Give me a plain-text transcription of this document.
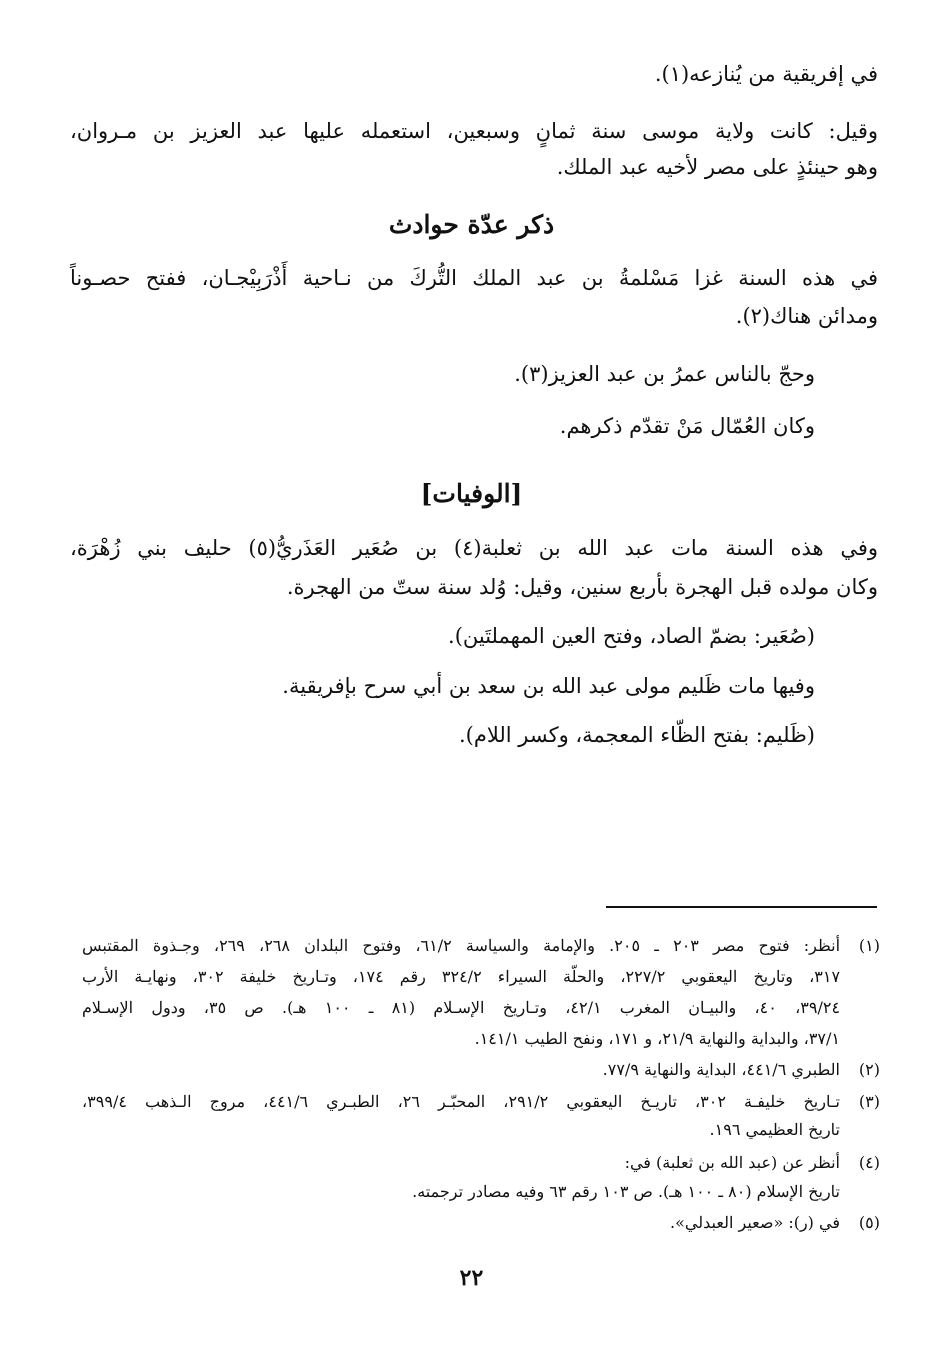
في إفريقية من يُنازعه(١).
وقيل: كانت ولاية موسى سنة ثمانٍ وسبعين، استعمله عليها عبد العزيز بن مـروان،
وهو حينئذٍ على مصر لأخيه عبد الملك.
ذكر عدّة حوادث
في هذه السنة غزا مَسْلمةُ بن عبد الملك التُّركَ من نـاحية أَذْرَبِيْجـان، ففتح حصـوناً
ومدائن هناك(٢).
وحجّ بالناس عمرُ بن عبد العزيز(٣).
وكان العُمّال مَنْ تقدّم ذكرهم.
[الوفيات]
وفي هذه السنة مات عبد الله بن ثعلبة(٤) بن صُعَير العَذَريُّ(٥) حليف بني زُهْرَة،
وكان مولده قبل الهجرة بأربع سنين، وقيل: وُلد سنة ستّ من الهجرة.
(صُعَير: بضمّ الصاد، وفتح العين المهملتَين).
وفيها مات ظَليم مولى عبد الله بن سعد بن أبي سرح بإفريقية.
(ظَليم: بفتح الظّاء المعجمة، وكسر اللام).
(١)
أنظر: فتوح مصر ٢٠٣ ـ ٢٠٥. والإمامة والسياسة ٦١/٢، وفتوح البلدان ٢٦٨، ٢٦٩، وجـذوة المقتبس
٣١٧، وتاريخ اليعقوبي ٢٢٧/٢، والحلّة السيراء ٣٢٤/٢ رقم ١٧٤، وتـاريخ خليفة ٣٠٢، ونهايـة الأرب
٣٩/٢٤، ٤٠، والبيـان المغرب ٤٢/١، وتـاريخ الإسـلام (٨١ ـ ١٠٠ هـ). ص ٣٥، ودول الإسـلام
٣٧/١، والبداية والنهاية ٢١/٩، و ١٧١، ونفح الطيب ١٤١/١.
(٢)
الطبري ٤٤١/٦، البداية والنهاية ٧٧/٩.
(٣)
تـاريخ خليفـة ٣٠٢، تاريـخ اليعقوبي ٢٩١/٢، المحبّـر ٢٦، الطبـري ٤٤١/٦، مروج الـذهب ٣٩٩/٤،
تاريخ العظيمي ١٩٦.
(٤)
أنظر عن (عبد الله بن ثعلبة) في:
تاريخ الإسلام (٨٠ ـ ١٠٠ هـ). ص ١٠٣ رقم ٦٣ وفيه مصادر ترجمته.
(٥)
في (ر): «صعير العبدلي».
٢٢
